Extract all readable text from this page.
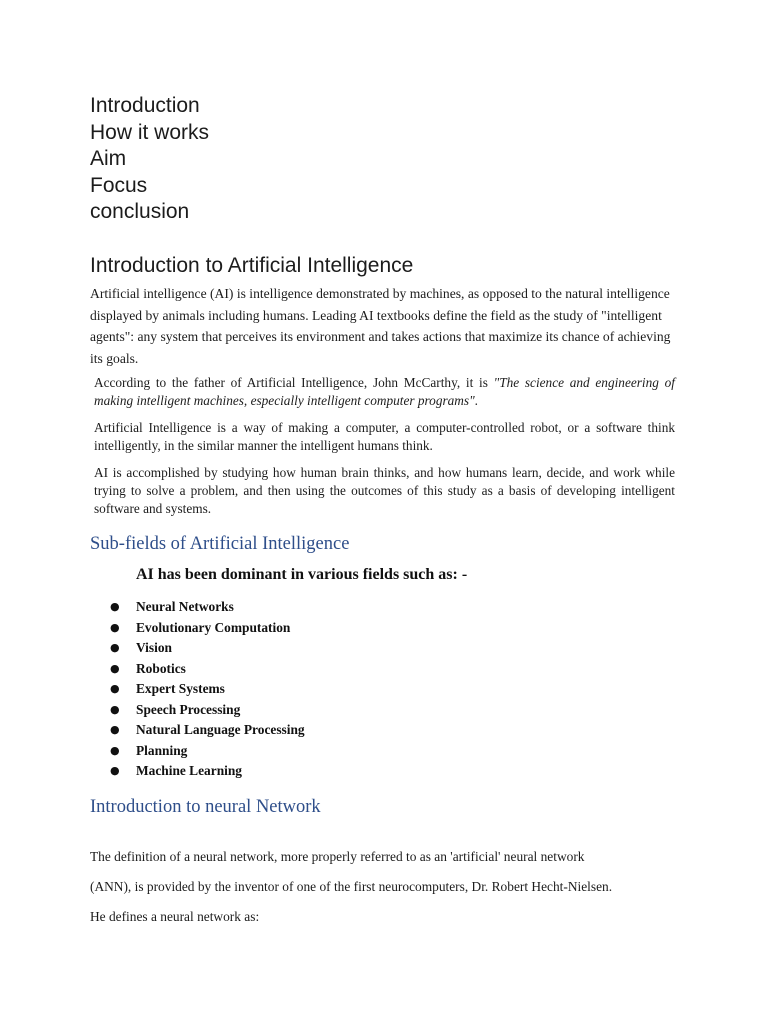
Introduction
How it works
Aim
Focus
conclusion
Introduction to Artificial Intelligence

Artificial intelligence (AI) is intelligence demonstrated by machines, as opposed to the natural intelligence displayed by animals including humans. Leading AI textbooks define the field as the study of "intelligent agents": any system that perceives its environment and takes actions that maximize its chance of achieving its goals.

According to the father of Artificial Intelligence, John McCarthy, it is "The science and engineering of making intelligent machines, especially intelligent computer programs".

Artificial Intelligence is a way of making a computer, a computer-controlled robot, or a software think intelligently, in the similar manner the intelligent humans think.

AI is accomplished by studying how human brain thinks, and how humans learn, decide, and work while trying to solve a problem, and then using the outcomes of this study as a basis of developing intelligent software and systems.

Sub-fields of Artificial Intelligence
AI has been dominant in various fields such as: -
● Neural Networks
● Evolutionary Computation
● Vision
● Robotics
● Expert Systems
● Speech Processing
● Natural Language Processing
● Planning
● Machine Learning
Introduction to neural Network

The definition of a neural network, more properly referred to as an 'artificial' neural network

(ANN), is provided by the inventor of one of the first neurocomputers, Dr. Robert Hecht-Nielsen.

He defines a neural network as:
